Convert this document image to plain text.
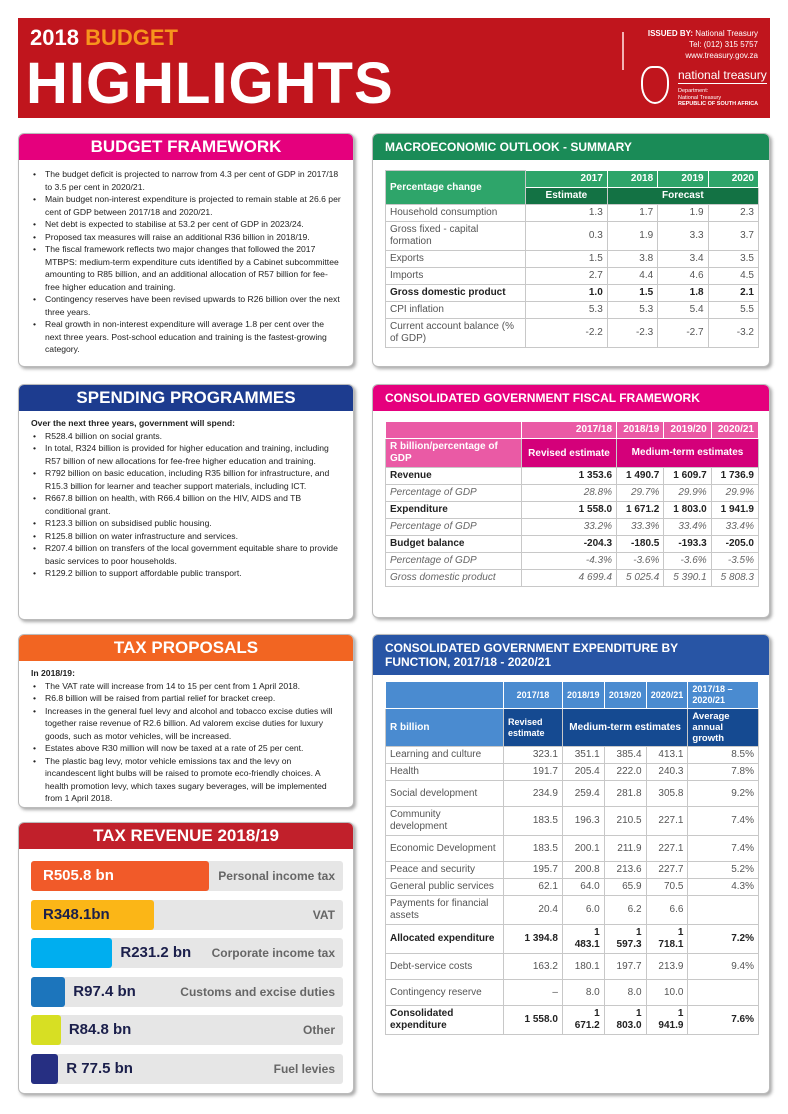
2018 BUDGET
HIGHLIGHTS
ISSUED BY: National Treasury
Tel: (012) 315 5757
www.treasury.gov.za
national treasury
Department:
National Treasury
REPUBLIC OF SOUTH AFRICA
BUDGET FRAMEWORK
• The budget deficit is projected to narrow from 4.3 per cent of GDP in 2017/18 to 3.5 per cent in 2020/21.
• Main budget non-interest expenditure is projected to remain stable at 26.6 per cent of GDP between 2017/18 and 2020/21.
• Net debt is expected to stabilise at 53.2 per cent of GDP in 2023/24.
• Proposed tax measures will raise an additional R36 billion in 2018/19.
• The fiscal framework reflects two major changes that followed the 2017 MTBPS: medium-term expenditure cuts identified by a Cabinet subcommittee amounting to R85 billion, and an additional allocation of R57 billion for fee-free higher education and training.
• Contingency reserves have been revised upwards to R26 billion over the next three years.
• Real growth in non-interest expenditure will average 1.8 per cent over the next three years. Post-school education and training is the fastest-growing category.
SPENDING PROGRAMMES
Over the next three years, government will spend:
• R528.4 billion on social grants.
• In total, R324 billion is provided for higher education and training, including R57 billion of new allocations for fee-free higher education and training.
• R792 billion on basic education, including R35 billion for infrastructure, and R15.3 billion for learner and teacher support materials, including ICT.
• R667.8 billion on health, with R66.4 billion on the HIV, AIDS and TB conditional grant.
• R123.3 billion on subsidised public housing.
• R125.8 billion on water infrastructure and services.
• R207.4 billion on transfers of the local government equitable share to provide basic services to poor households.
• R129.2 billion to support affordable public transport.
TAX PROPOSALS
In 2018/19:
• The VAT rate will increase from 14 to 15 per cent from 1 April 2018.
• R6.8 billion will be raised from partial relief for bracket creep.
• Increases in the general fuel levy and alcohol and tobacco excise duties will together raise revenue of R2.6 billion. Ad valorem excise duties for luxury goods, such as motor vehicles, will be increased.
• Estates above R30 million will now be taxed at a rate of 25 per cent.
• The plastic bag levy, motor vehicle emissions tax and the levy on incandescent light bulbs will be raised to promote eco-friendly choices. A health promotion levy, which taxes sugary beverages, will be implemented from 1 April 2018.
TAX REVENUE 2018/19
R505.8 bn	Personal income tax
R348.1bn	VAT
R231.2 bn Corporate income tax
R97.4 bn	Customs and excise duties
R84.8 bn	Other
R 77.5 bn	Fuel levies
MACROECONOMIC OUTLOOK - SUMMARY
Percentage change	2017	2018	2019	2020
	Estimate	Forecast		
Household consumption	1.3	1.7	1.9	2.3
Gross fixed - capital formation	0.3	1.9	3.3	3.7
Exports	1.5	3.8	3.4	3.5
Imports	2.7	4.4	4.6	4.5
Gross domestic product	1.0	1.5	1.8	2.1
CPI inflation	5.3	5.3	5.4	5.5
Current account balance (% of GDP)	-2.2	-2.3	-2.7	-3.2
CONSOLIDATED GOVERNMENT FISCAL FRAMEWORK
	2017/18	2018/19	2019/20	2020/21
R billion/percentage of GDP	Revised estimate	Medium-term estimates		
Revenue	1 353.6	1 490.7	1 609.7	1 736.9
Percentage of GDP	28.8%	29.7%	29.9%	29.9%
Expenditure	1 558.0	1 671.2	1 803.0	1 941.9
Percentage of GDP	33.2%	33.3%	33.4%	33.4%
Budget balance	-204.3	-180.5	-193.3	-205.0
Percentage of GDP	-4.3%	-3.6%	-3.6%	-3.5%
Gross domestic product	4 699.4	5 025.4	5 390.1	5 808.3
CONSOLIDATED GOVERNMENT EXPENDITURE BY FUNCTION, 2017/18 - 2020/21
	2017/18	2018/19	2019/20	2020/21	2017/18 – 2020/21
R billion	Revised estimate	Medium-term estimates			Average annual growth
Learning and culture	323.1	351.1	385.4	413.1	8.5%
Health	191.7	205.4	222.0	240.3	7.8%
Social development	234.9	259.4	281.8	305.8	9.2%
Community development	183.5	196.3	210.5	227.1	7.4%
Economic Development	183.5	200.1	211.9	227.1	7.4%
Peace and security	195.7	200.8	213.6	227.7	5.2%
General public services	62.1	64.0	65.9	70.5	4.3%
Payments for financial assets	20.4	6.0	6.2	6.6	
Allocated expenditure	1 394.8	1 483.1	1 597.3	1 718.1	7.2%
Debt-service costs	163.2	180.1	197.7	213.9	9.4%
Contingency reserve	–	8.0	8.0	10.0	
Consolidated expenditure	1 558.0	1 671.2	1 803.0	1 941.9	7.6%
